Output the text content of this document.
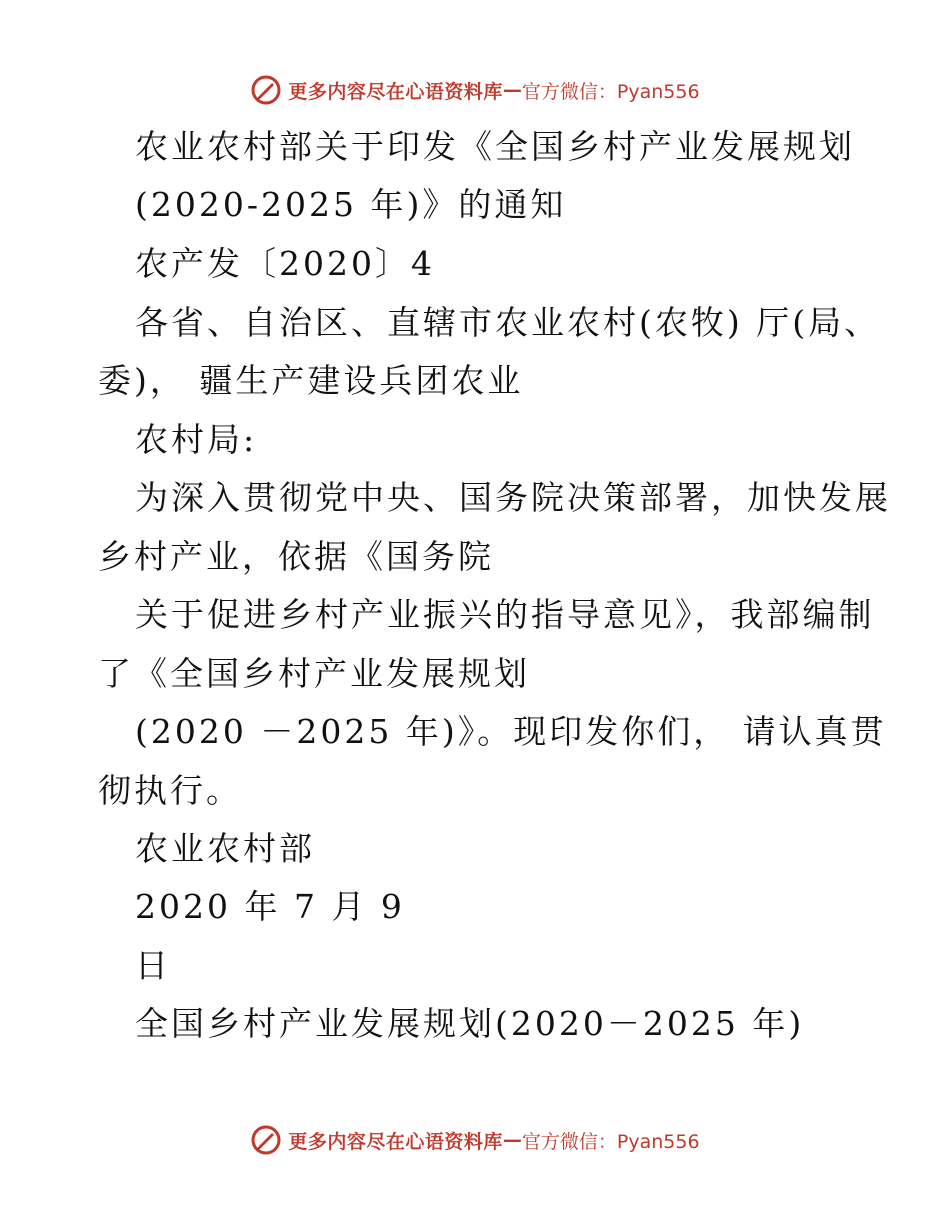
更多内容尽在心语资料库 — 官方微信：Pyan556
农业农村部关于印发《全国乡村产业发展规划
(2020-2025 年)》的通知
农产发〔2020〕4
各省、自治区、直辖市农业农村(农牧) 厅(局、
委)， 疆生产建设兵团农业
农村局:
为深入贯彻党中央、国务院决策部署，加快发展
乡村产业，依据《国务院
关于促进乡村产业振兴的指导意见》，我部编制
了《全国乡村产业发展规划
(2020 －2025 年)》。现印发你们， 请认真贯
彻执行。
农业农村部
2020 年 7 月 9
日
全国乡村产业发展规划(2020－2025 年)
更多内容尽在心语资料库 — 官方微信：Pyan556
